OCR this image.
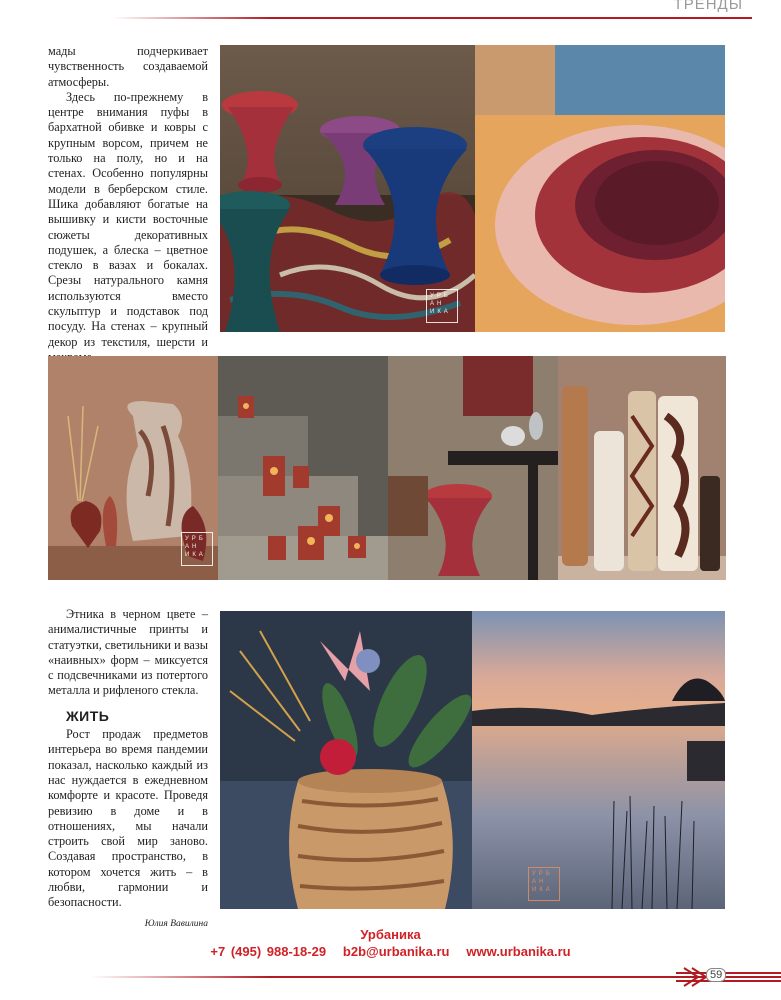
ТРЕНДЫ

мады подчеркивает чувственность создаваемой атмосферы.

Здесь по-прежнему в центре внимания пуфы в бархатной обивке и ковры с крупным ворсом, причем не только на полу, но и на стенах. Особенно популярны модели в берберском стиле. Шика добавляют богатые на вышивку и кисти восточные сюжеты декоративных подушек, а блеска – цветное стекло в вазах и бокалах. Срезы натурального камня используются вместо скульптур и подставок под посуду. На стенах – крупный декор из текстиля, шерсти и

УРБ
АН
ИКА
УРБ
АН
ИКА

Этника в черном цвете – анималистичные принты и статуэтки, светильники и вазы «наивных» форм – миксуется с подсвечниками из потертого металла и рифленого стекла.

ЖИТЬ

Рост продаж предметов интерьера во время пандемии показал, насколько каждый из нас нуждается в ежедневном комфорте и красоте. Проведя ревизию в доме и в отношениях, мы начали строить свой мир заново. Создавая пространство, в котором хочется жить – в любви, гармонии и безопасности.

Юлия Вавилина

УРБ
АН
ИКА
Урбаника
+7 (495) 988-18-29 b2b@urbanika.ru www.urbanika.ru
59
